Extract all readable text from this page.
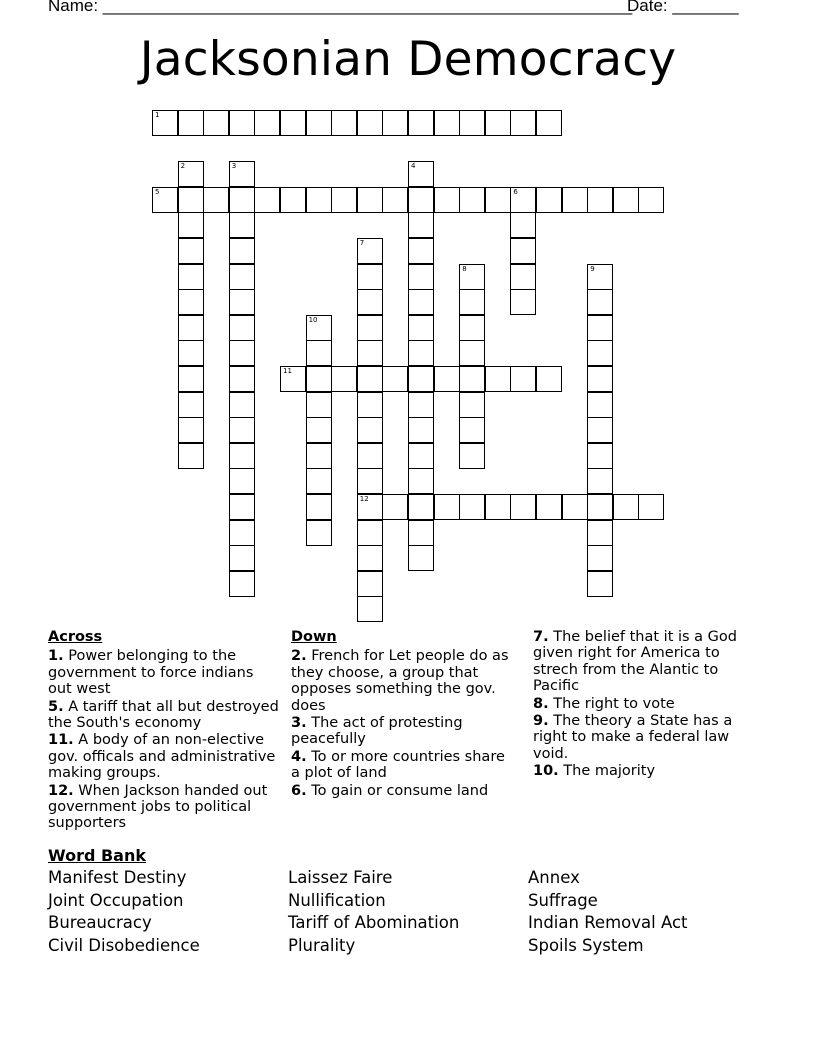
Name: ________________________________________________________
Date: _______
Jacksonian Democracy
1
2	3	4
5	6
7
12
8	9
10
11
Across
1. Power belonging to the government to force indians out west
5. A tariff that all but destroyed the South's economy
11. A body of an non-elective gov. officals and administrative making groups.
12. When Jackson handed out government jobs to political supporters
Down
2. French for Let people do as they choose, a group that opposes something the gov. does
3. The act of protesting peacefully
4. To or more countries share a plot of land
6. To gain or consume land
7. The belief that it is a God given right for America to strech from the Alantic to Pacific
8. The right to vote
9. The theory a State has a right to make a federal law void.
10. The majority
Word Bank
Manifest Destiny
Joint Occupation
Bureaucracy
Civil Disobedience
Laissez Faire
Nullification
Tariff of Abomination
Plurality
Annex
Suffrage
Indian Removal Act
Spoils System
